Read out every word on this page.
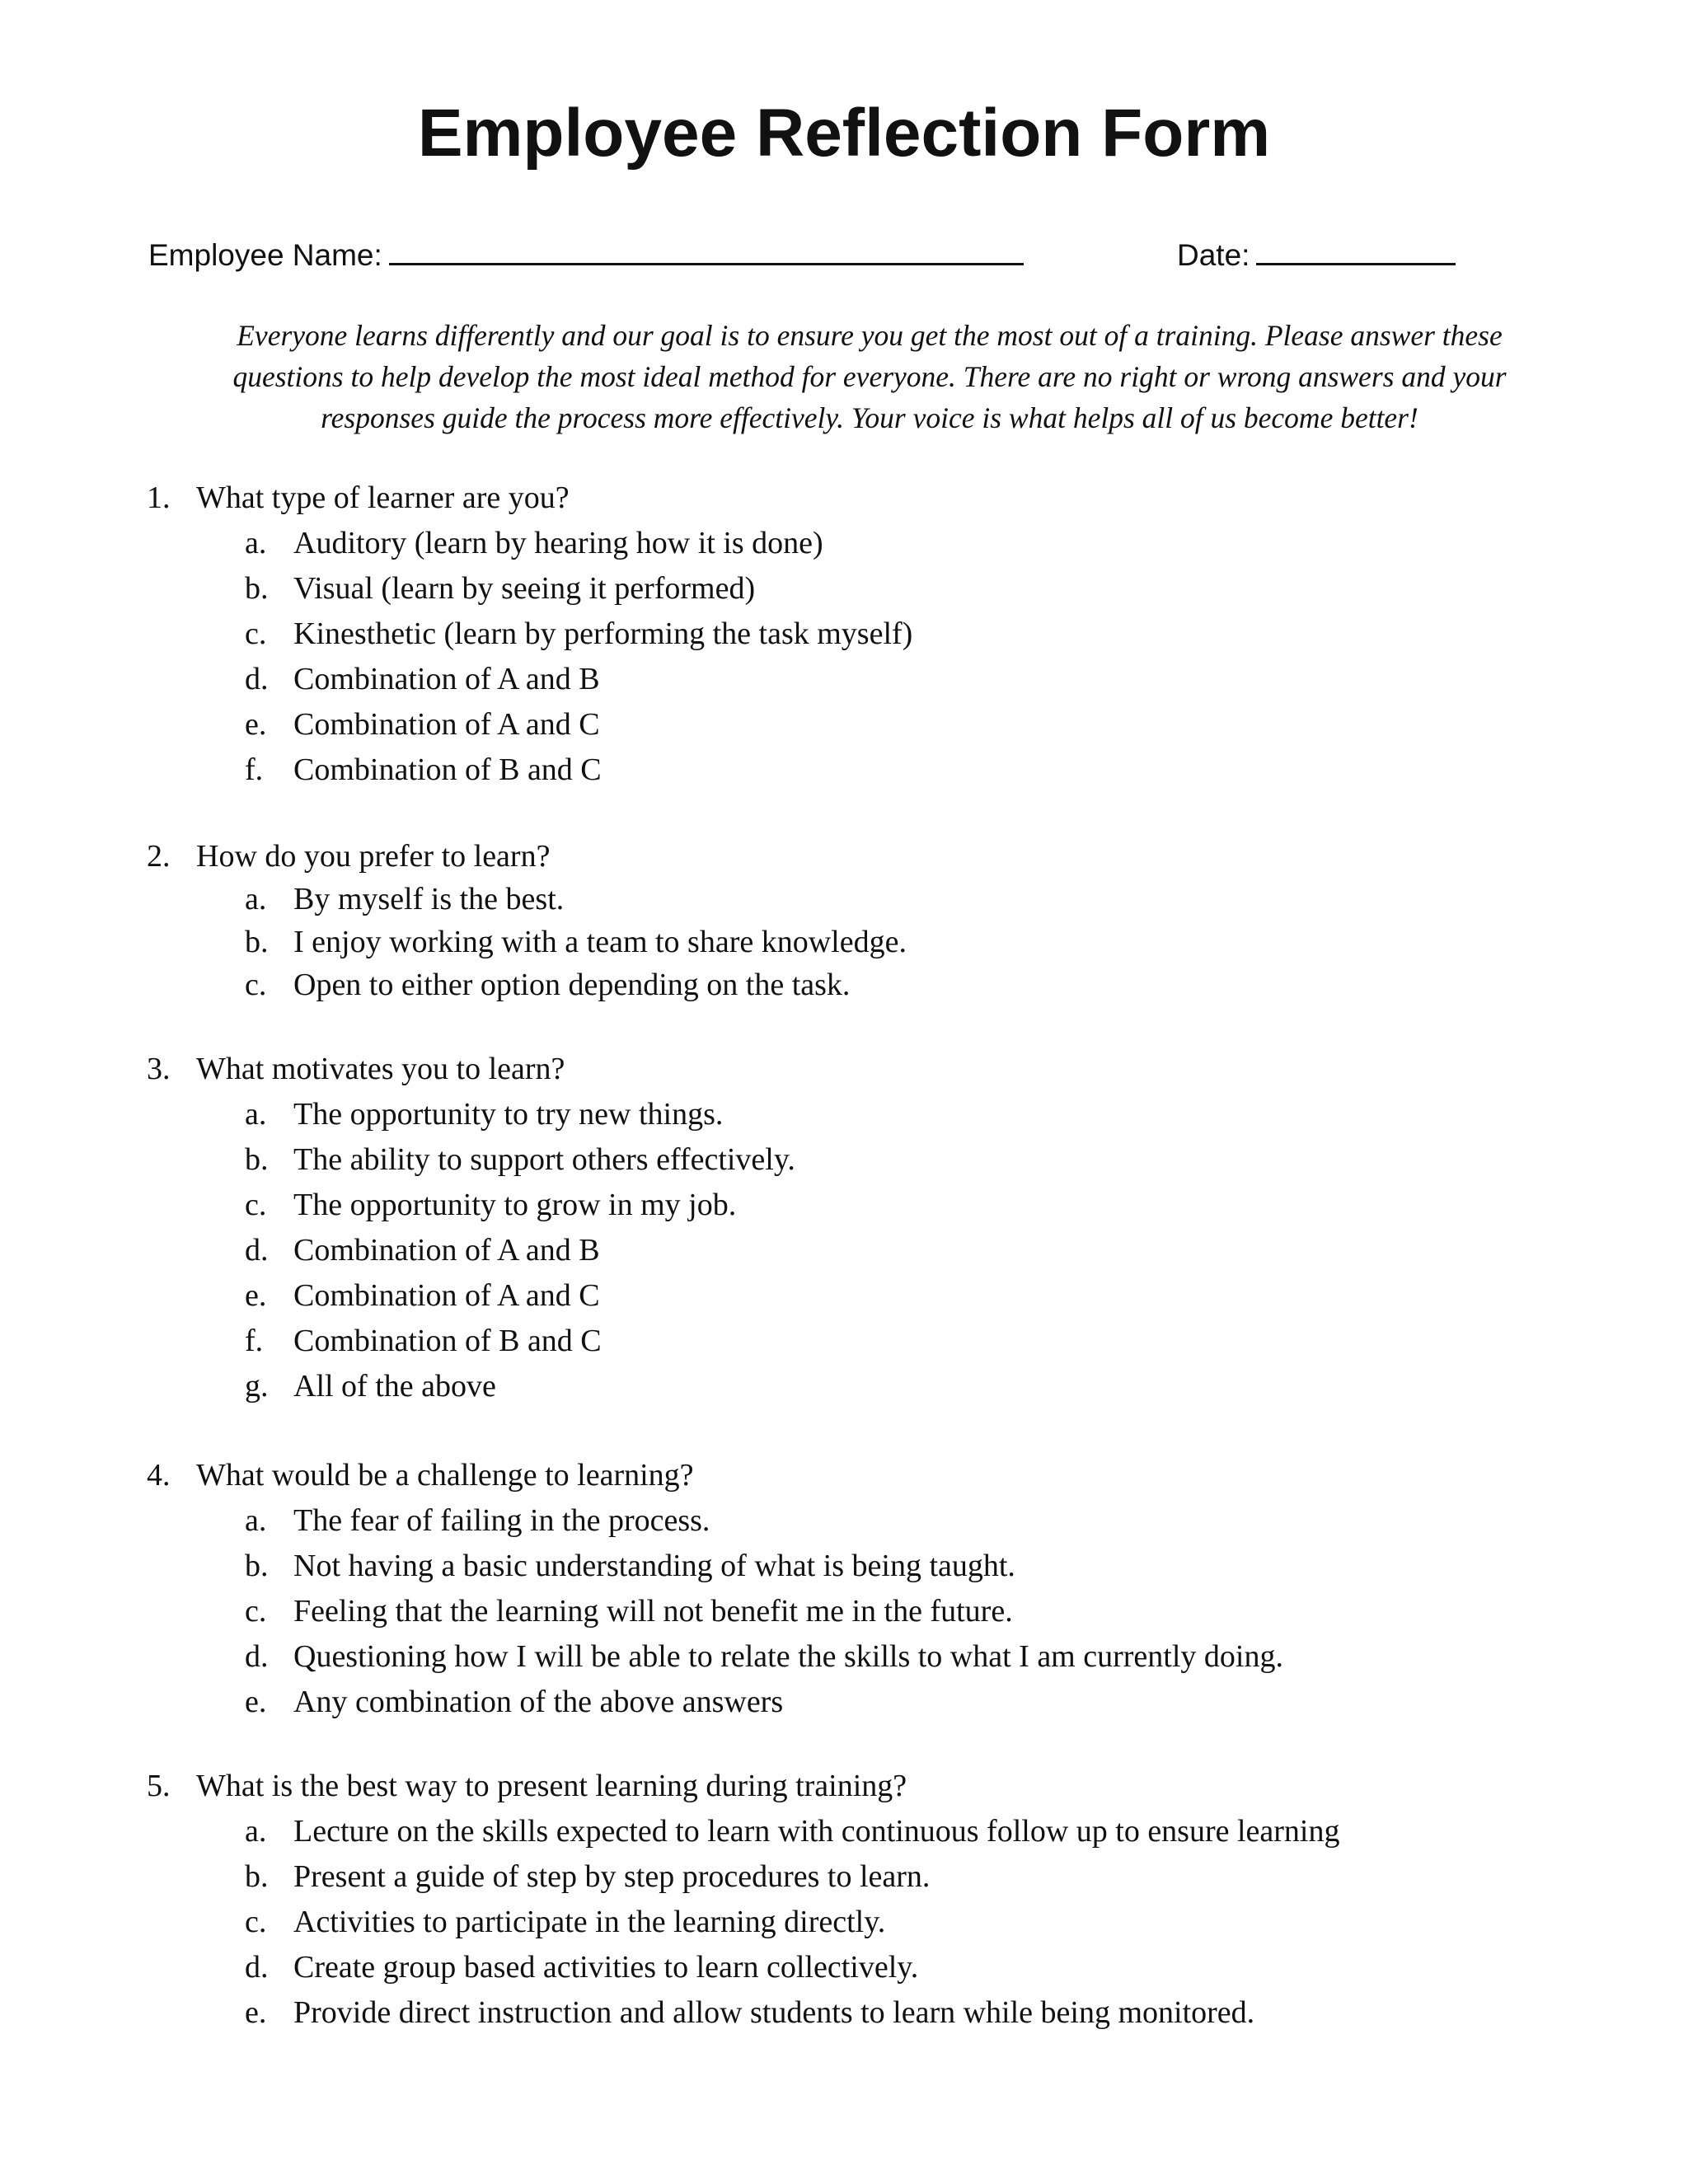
Employee Reflection Form
Employee Name:	Date:
Everyone learns differently and our goal is to ensure you get the most out of a training. Please answer these
questions to help develop the most ideal method for everyone. There are no right or wrong answers and your
responses guide the process more effectively. Your voice is what helps all of us become better!
1. What type of learner are you?
a. Auditory (learn by hearing how it is done)
b. Visual (learn by seeing it performed)
c. Kinesthetic (learn by performing the task myself)
d. Combination of A and B
e. Combination of A and C
f. Combination of B and C
2. How do you prefer to learn?
a. By myself is the best.
b. I enjoy working with a team to share knowledge.
c. Open to either option depending on the task.
3. What motivates you to learn?
a. The opportunity to try new things.
b. The ability to support others effectively.
c. The opportunity to grow in my job.
d. Combination of A and B
e. Combination of A and C
f. Combination of B and C
g. All of the above
4. What would be a challenge to learning?
a. The fear of failing in the process.
b. Not having a basic understanding of what is being taught.
c. Feeling that the learning will not benefit me in the future.
d. Questioning how I will be able to relate the skills to what I am currently doing.
e. Any combination of the above answers
5. What is the best way to present learning during training?
a. Lecture on the skills expected to learn with continuous follow up to ensure learning
b. Present a guide of step by step procedures to learn.
c. Activities to participate in the learning directly.
d. Create group based activities to learn collectively.
e. Provide direct instruction and allow students to learn while being monitored.
